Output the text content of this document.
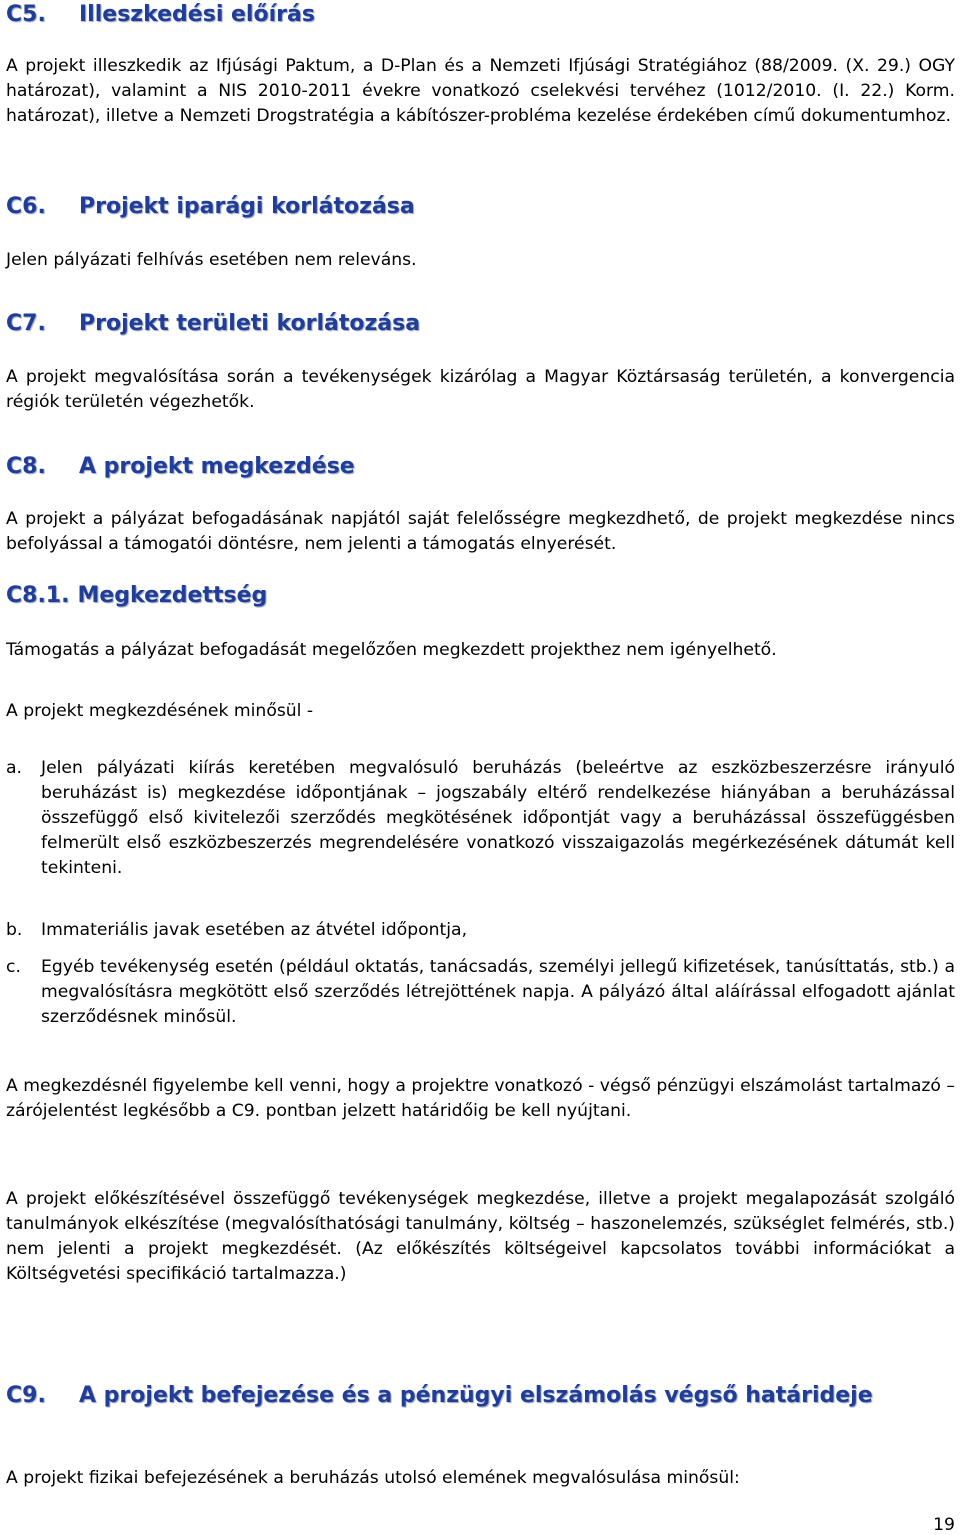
C5.	Illeszkedési előírás

A projekt illeszkedik az Ifjúsági Paktum, a D-Plan és a Nemzeti Ifjúsági Stratégiához (88/2009. (X. 29.) OGY határozat), valamint a NIS 2010-2011 évekre vonatkozó cselekvési tervéhez (1012/2010. (I. 22.) Korm. határozat), illetve a Nemzeti Drogstratégia a kábítószer-probléma kezelése érdekében című dokumentumhoz.

C6.	Projekt iparági korlátozása

Jelen pályázati felhívás esetében nem releváns.

C7.	Projekt területi korlátozása

A projekt megvalósítása során a tevékenységek kizárólag a Magyar Köztársaság területén, a konvergencia régiók területén végezhetők.

C8.	A projekt megkezdése

A projekt a pályázat befogadásának napjától saját felelősségre megkezdhető, de projekt megkezdése nincs befolyással a támogatói döntésre, nem jelenti a támogatás elnyerését.

C8.1. Megkezdettség

Támogatás a pályázat befogadását megelőzően megkezdett projekthez nem igényelhető.

A projekt megkezdésének minősül -

a.	Jelen pályázati kiírás keretében megvalósuló beruházás (beleértve az eszközbeszerzésre irányuló beruházást is) megkezdése időpontjának – jogszabály eltérő rendelkezése hiányában a beruházással összefüggő első kivitelezői szerződés megkötésének időpontját vagy a beruházással összefüggésben felmerült első eszközbeszerzés megrendelésére vonatkozó visszaigazolás megérkezésének dátumát kell tekinteni.
b.	Immateriális javak esetében az átvétel időpontja,
c.	Egyéb tevékenység esetén (például oktatás, tanácsadás, személyi jellegű kifizetések, tanúsíttatás, stb.) a megvalósításra megkötött első szerződés létrejöttének napja. A pályázó által aláírással elfogadott ajánlat szerződésnek minősül.

A megkezdésnél figyelembe kell venni, hogy a projektre vonatkozó - végső pénzügyi elszámolást tartalmazó – zárójelentést legkésőbb a C9. pontban jelzett határidőig be kell nyújtani.

A projekt előkészítésével összefüggő tevékenységek megkezdése, illetve a projekt megalapozását szolgáló tanulmányok elkészítése (megvalósíthatósági tanulmány, költség – haszonelemzés, szükséglet felmérés, stb.) nem jelenti a projekt megkezdését. (Az előkészítés költségeivel kapcsolatos további információkat a Költségvetési specifikáció tartalmazza.)

C9.	A projekt befejezése és a pénzügyi elszámolás végső határideje

A projekt fizikai befejezésének a beruházás utolsó elemének megvalósulása minősül:

19
